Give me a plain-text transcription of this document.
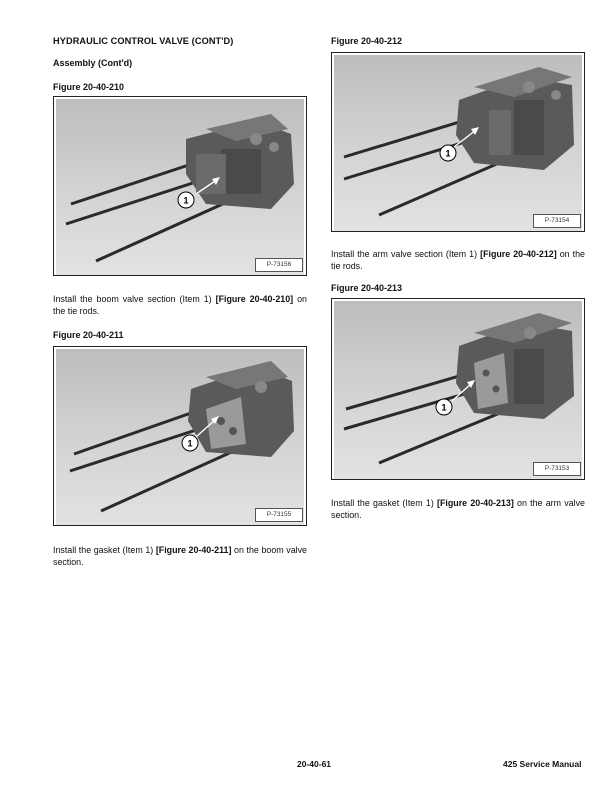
HYDRAULIC CONTROL VALVE (CONT'D)
Assembly (Cont'd)
Figure 20-40-210
1
P-73156
Install the boom valve section (Item 1) [Figure 20-40-210] on the tie rods.
Figure 20-40-211
1
P-73155
Install the gasket (Item 1) [Figure 20-40-211] on the boom valve section.
Figure 20-40-212
1
P-73154
Install the arm valve section (Item 1) [Figure 20-40-212] on the tie rods.
Figure 20-40-213
1
P-73153
Install the gasket (Item 1) [Figure 20-40-213] on the arm valve section.
20-40-61	425 Service Manual
